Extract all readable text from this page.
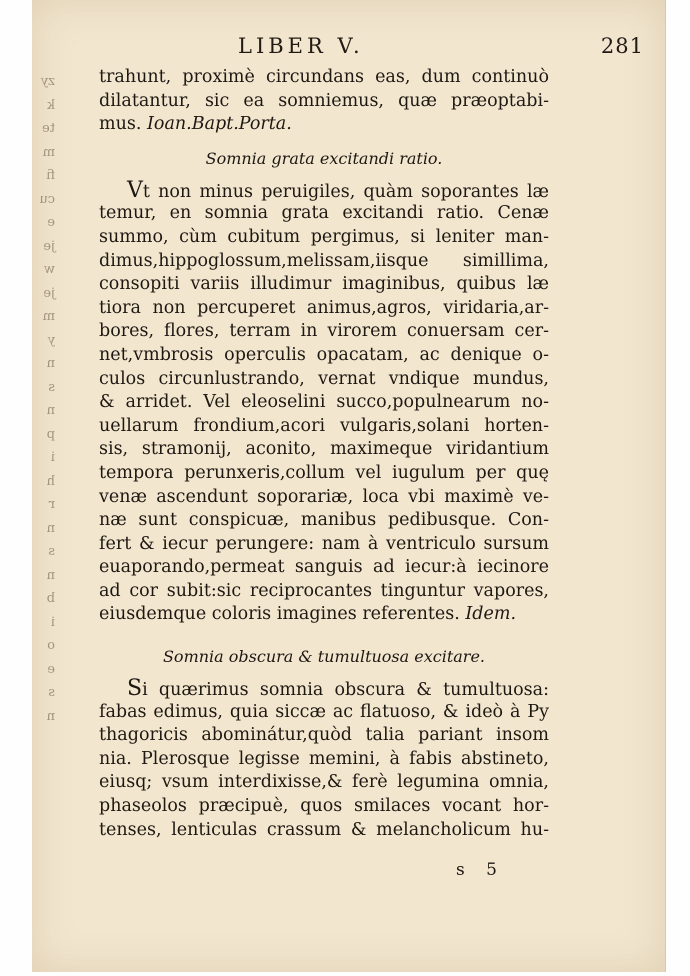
zy
k
te
m
fi
cu
e
je
w
je
m
y
n
s
n
p
i
h
r
n
s
n
b
i
o
e
s
n
LIBER V.	281
trahunt, proximè circundans eas, dum continuò
dilatantur, sic ea somniemus, quæ præoptabi-
mus. Ioan.Bapt.Porta.
Somnia grata excitandi ratio.
Vt non minus peruigiles, quàm soporantes læ
temur, en somnia grata excitandi ratio. Cenæ
summo, cùm cubitum pergimus, si leniter man-
dimus,hippoglossum,melissam,iisque simillima,
consopiti variis illudimur imaginibus, quibus læ
tiora non percuperet animus,agros, viridaria,ar-
bores, flores, terram in virorem conuersam cer-
net,vmbrosis operculis opacatam, ac denique o-
culos circunlustrando, vernat vndique mundus,
& arridet. Vel eleoselini succo,populnearum no-
uellarum frondium,acori vulgaris,solani horten-
sis, stramonij, aconito, maximeque viridantium
tempora perunxeris,collum vel iugulum per quę
venæ ascendunt soporariæ, loca vbi maximè ve-
næ sunt conspicuæ, manibus pedibusque. Con-
fert & iecur perungere: nam à ventriculo sursum
euaporando,permeat sanguis ad iecur:à iecinore
ad cor subit:sic reciprocantes tinguntur vapores,
eiusdemque coloris imagines referentes. Idem.
Somnia obscura & tumultuosa excitare.
Si quærimus somnia obscura & tumultuosa:
fabas edimus, quia siccæ ac flatuoso, & ideò à Py
thagoricis abominátur,quòd talia pariant insom
nia. Plerosque legisse memini, à fabis abstineto,
eiusq; vsum interdixisse,& ferè legumina omnia,
phaseolos præcipuè, quos smilaces vocant hor-
tenses, lenticulas crassum & melancholicum hu-
s 5
